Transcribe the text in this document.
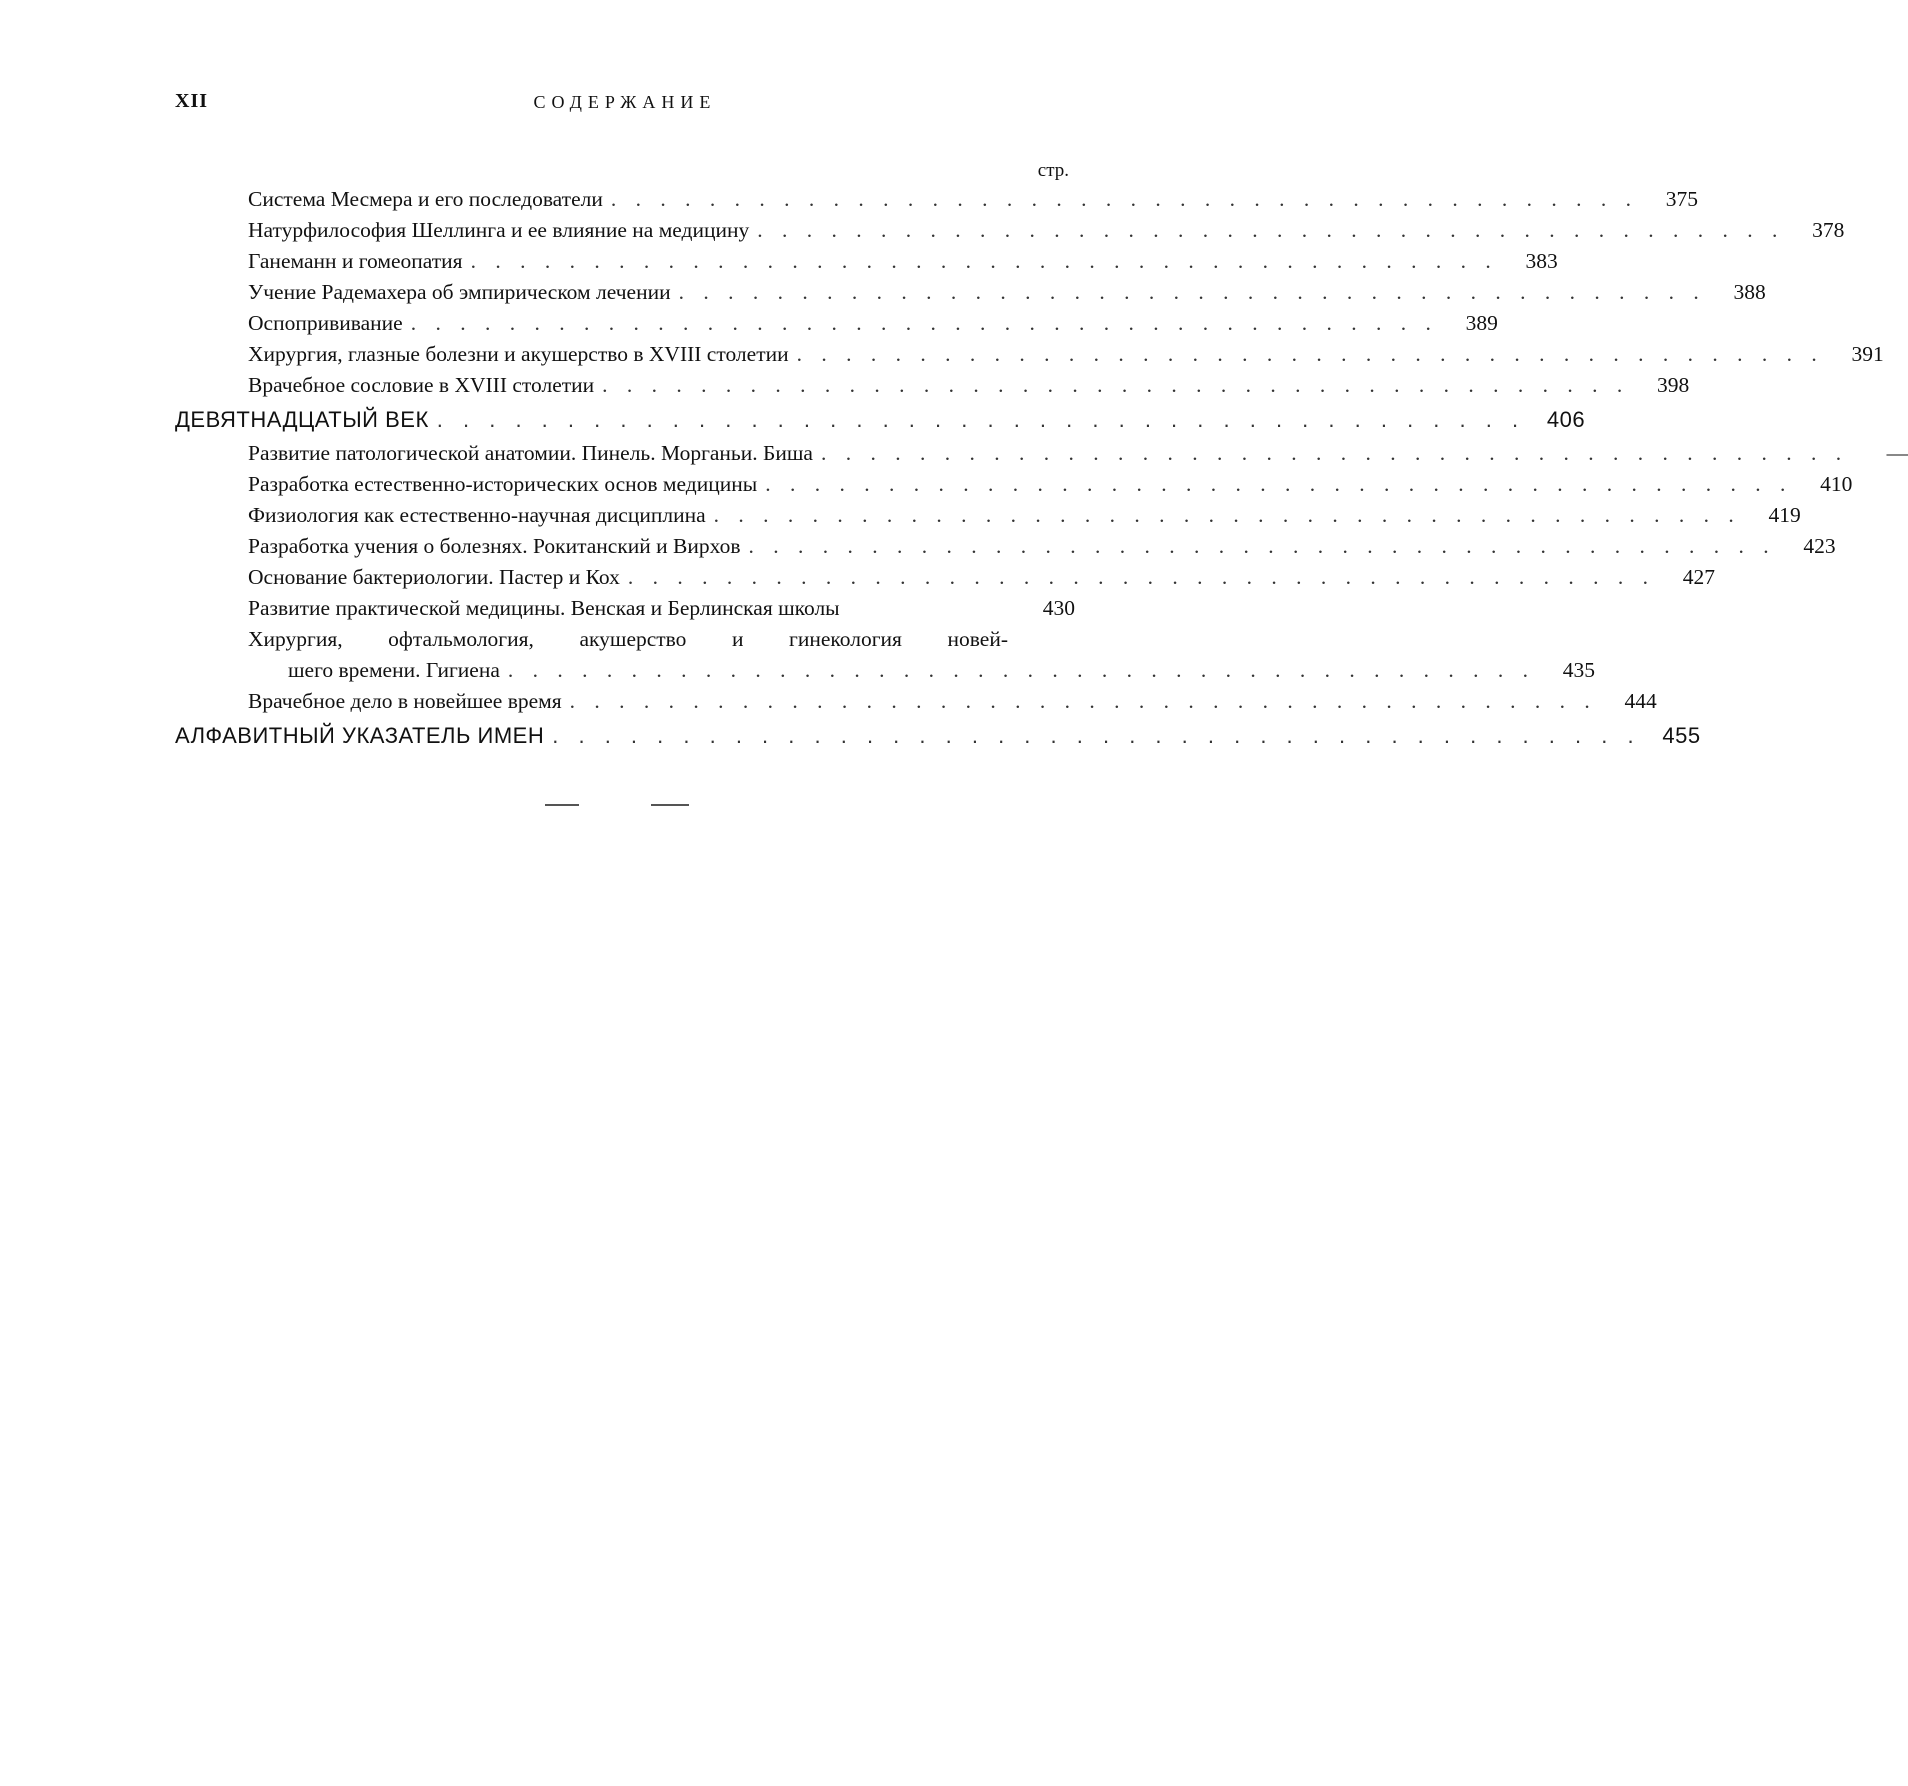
XII	СОДЕРЖАНИЕ
стр.
Система Месмера и его последователи . . . . . . . . . . . . . . . . . . . . . . . . . . . . . . . . . . . . . . . . . .	375
Натурфилософия Шеллинга и ее влияние на медицину . . . . . . . . . . . . . . . . . . . . . . . . . . . . . . . . . . . . . . . . . .	378
Ганеманн и гомеопатия . . . . . . . . . . . . . . . . . . . . . . . . . . . . . . . . . . . . . . . . . .	383
Учение Радемахера об эмпирическом лечении . . . . . . . . . . . . . . . . . . . . . . . . . . . . . . . . . . . . . . . . . .	388
Оспопрививание . . . . . . . . . . . . . . . . . . . . . . . . . . . . . . . . . . . . . . . . . .	389
Хирургия, глазные болезни и акушерство в XVIII столетии . . . . . . . . . . . . . . . . . . . . . . . . . . . . . . . . . . . . . . . . . .	391
Врачебное сословие в XVIII столетии . . . . . . . . . . . . . . . . . . . . . . . . . . . . . . . . . . . . . . . . . .	398
ДЕВЯТНАДЦАТЫЙ ВЕК . . . . . . . . . . . . . . . . . . . . . . . . . . . . . . . . . . . . . . . . . . 406
Развитие патологической анатомии. Пинель. Морганьи. Биша . . . . . . . . . . . . . . . . . . . . . . . . . . . . . . . . . . . . . . . . . .	—
Разработка естественно-исторических основ медицины . . . . . . . . . . . . . . . . . . . . . . . . . . . . . . . . . . . . . . . . . .	410
Физиология как естественно-научная дисциплина . . . . . . . . . . . . . . . . . . . . . . . . . . . . . . . . . . . . . . . . . .	419
Разработка учения о болезнях. Рокитанский и Вирхов . . . . . . . . . . . . . . . . . . . . . . . . . . . . . . . . . . . . . . . . . .	423
Основание бактериологии. Пастер и Кох . . . . . . . . . . . . . . . . . . . . . . . . . . . . . . . . . . . . . . . . . .	427
Развитие практической медицины. Венская и Берлинская школы	430
Хирургия, офтальмология, акушерство и гинекология новей-
шего времени. Гигиена . . . . . . . . . . . . . . . . . . . . . . . . . . . . . . . . . . . . . . . . . .	435
Врачебное дело в новейшее время . . . . . . . . . . . . . . . . . . . . . . . . . . . . . . . . . . . . . . . . . .	444
АЛФАВИТНЫЙ УКАЗАТЕЛЬ ИМЕН . . . . . . . . . . . . . . . . . . . . . . . . . . . . . . . . . . . . . . . . . . 455
